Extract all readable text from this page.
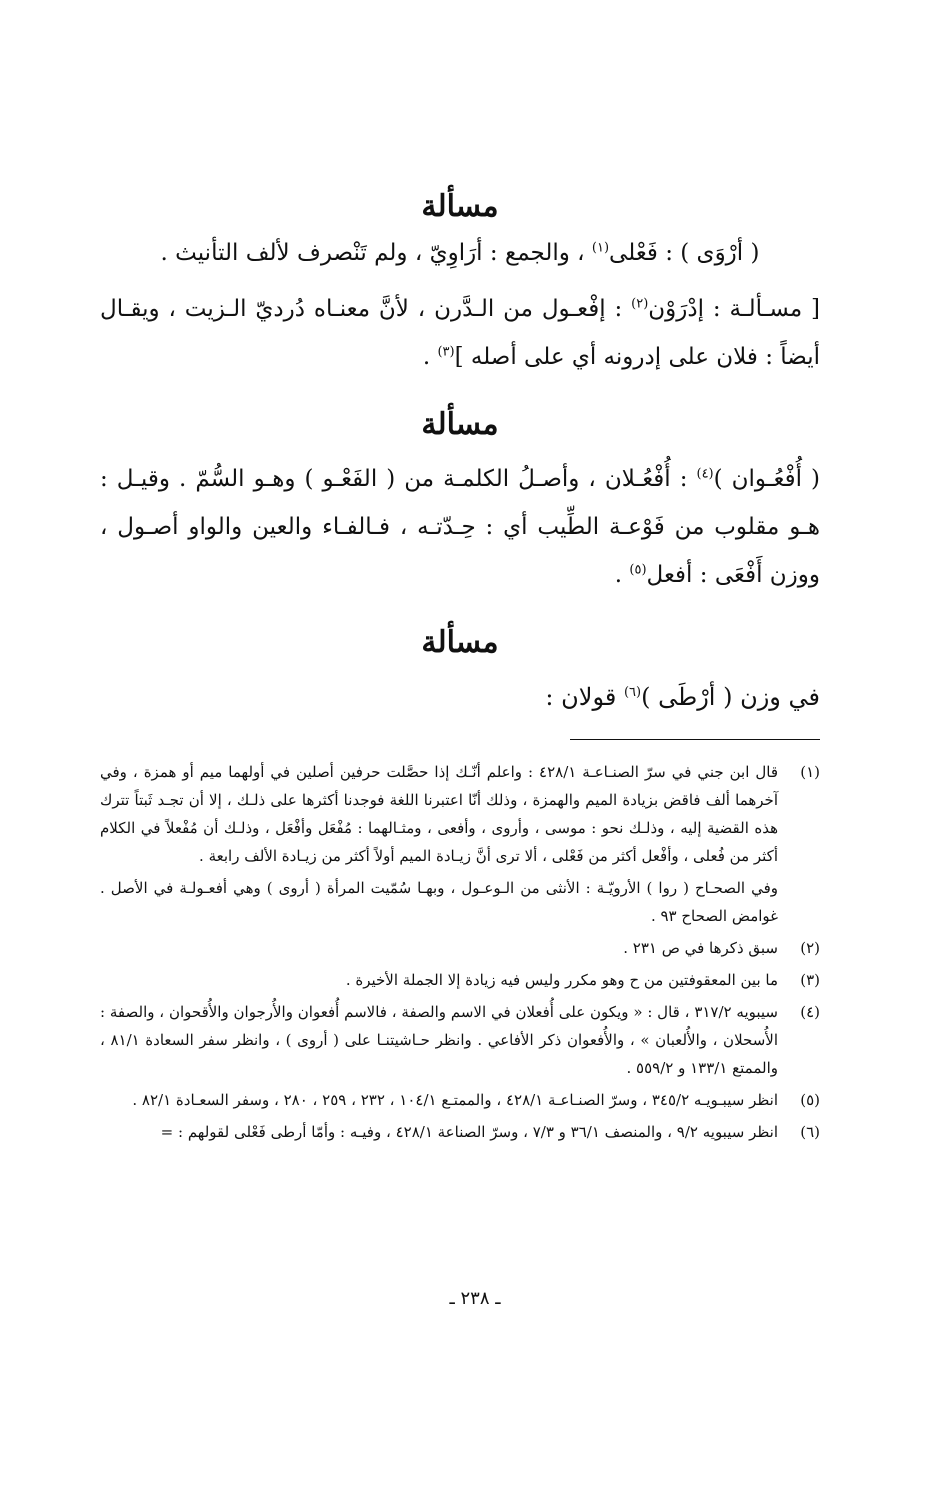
مسألة

( أرْوَى ) : فَعْلى$^{(١)}$ ، والجمع : أرَاوِيّ ، ولم تَنْصرف لألف التأنيث .

[ مسـألـة : إدْرَوْن$^{(٢)}$ : إفْعـول من الـدَّرن ، لأنَّ معنـاه دُرديّ الـزيت ، ويقـال أيضاً : فلان على إدرونه أي على أصله ]$^{(٣)}$ .

مسألة

( أُفْعُـوان )$^{(٤)}$ : أُفْعُـلان ، وأصـلُ الكلمـة من ( الفَعْـو ) وهـو السُّمّ . وقيـل : هـو مقلوب من فَوْعـة الطِّيب أي : حِـدّتـه ، فـالفـاء والعين والواو أصـول ، ووزن أَفْعَى : أفعل$^{(٥)}$ .

مسألة

في وزن ( أرْطَى )$^{(٦)}$ قولان :

(١)
قال ابن جني في سرّ الصنـاعـة ٤٢٨/١ : واعلم أنّـك إذا حصَّلت حرفين أصلين في أولهما ميم أو همزة ، وفي آخرهما ألف فاقض بزيادة الميم والهمزة ، وذلك أنّا اعتبرنا اللغة فوجدنا أكثرها على ذلـك ، إلا أن تجـد ثَبتاً تترك هذه القضية إليه ، وذلـك نحو : موسى ، وأروى ، وأفعى ، ومثـالهما : مُفْعَل وأفْعَل ، وذلـك أن مُفْعلاً في الكلام أكثر من فُعلى ، وأفْعل أكثر من فَعْلى ، ألا ترى أنَّ زيـادة الميم أولاً أكثر من زيـادة الألف رابعة .
وفي الصحـاح ( روا ) الأرويّـة : الأنثى من الـوعـول ، وبهـا سُمّيت المرأة ( أروى ) وهي أفعـولـة في الأصل . غوامض الصحاح ٩٣ .
(٢)
سبق ذكرها في ص ٢٣١ .
(٣)
ما بين المعقوفتين من ح وهو مكرر وليس فيه زيادة إلا الجملة الأخيرة .
(٤)
سيبويه ٣١٧/٢ ، قال : « ويكون على أُفعلان في الاسم والصفة ، فالاسم أُفعوان والأُرجوان والأُقحوان ، والصفة : الأُسحلان ، والأُلعبان » ، والأُفعوان ذكر الأفاعي . وانظر حـاشيتنـا على ( أروى ) ، وانظر سفر السعادة ٨١/١ ، والممتع ١٣٣/١ و ٥٥٩/٢ .
(٥)
انظر سيبـويـه ٣٤٥/٢ ، وسرّ الصنـاعـة ٤٢٨/١ ، والممتـع ١٠٤/١ ، ٢٣٢ ، ٢٥٩ ، ٢٨٠ ، وسفر السعـادة ٨٢/١ .
(٦)
انظر سيبويه ٩/٢ ، والمنصف ٣٦/١ و ٧/٣ ، وسرّ الصناعة ٤٢٨/١ ، وفيـه : وأمّا أرطى فَعْلى لقولهم : =
ـ ٢٣٨ ـ
